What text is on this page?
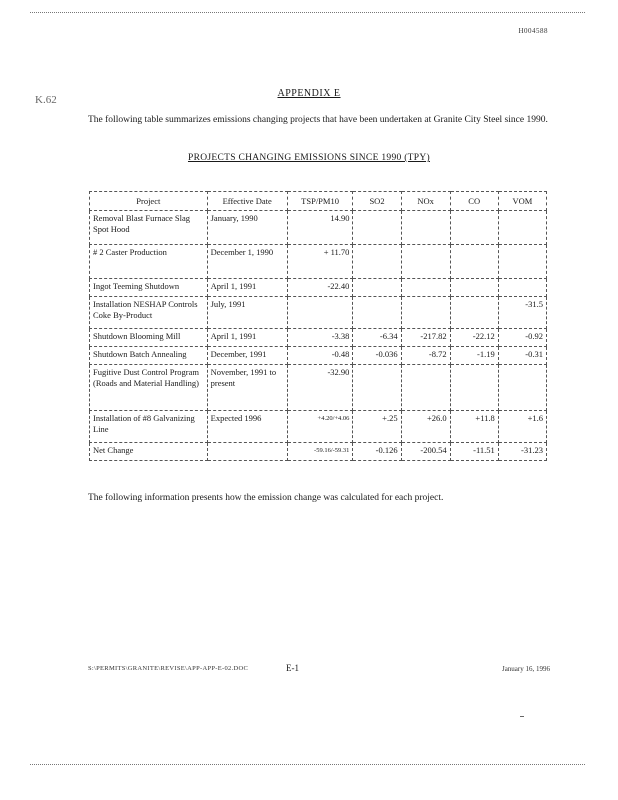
H004588
K.62
APPENDIX E

The following table summarizes emissions changing projects that have been undertaken at Granite City Steel since 1990.

PROJECTS CHANGING EMISSIONS SINCE 1990 (TPY)
Project	Effective Date	TSP/PM10	SO2	NOx	CO	VOM
Removal Blast Furnace Slag Spot Hood	January, 1990	14.90				
# 2 Caster Production	December 1, 1990	+ 11.70				
Ingot Teeming Shutdown	April 1, 1991	-22.40				
Installation NESHAP Controls Coke By-Product	July, 1991					-31.5
Shutdown Blooming Mill	April 1, 1991	-3.38	-6.34	-217.82	-22.12	-0.92
Shutdown Batch Annealing	December, 1991	-0.48	-0.036	-8.72	-1.19	-0.31
Fugitive Dust Control Program (Roads and Material Handling)	November, 1991 to present	-32.90				
Installation of #8 Galvanizing Line	Expected 1996	+4.20/+4.06	+.25	+26.0	+11.8	+1.6
Net Change		-59.16/-59.31	-0.126	-200.54	-11.51	-31.23

The following information presents how the emission change was calculated for each project.

S:\PERMITS\GRANITE\REVISE\APP-APP-E-02.DOC	E-1	January 16, 1996
